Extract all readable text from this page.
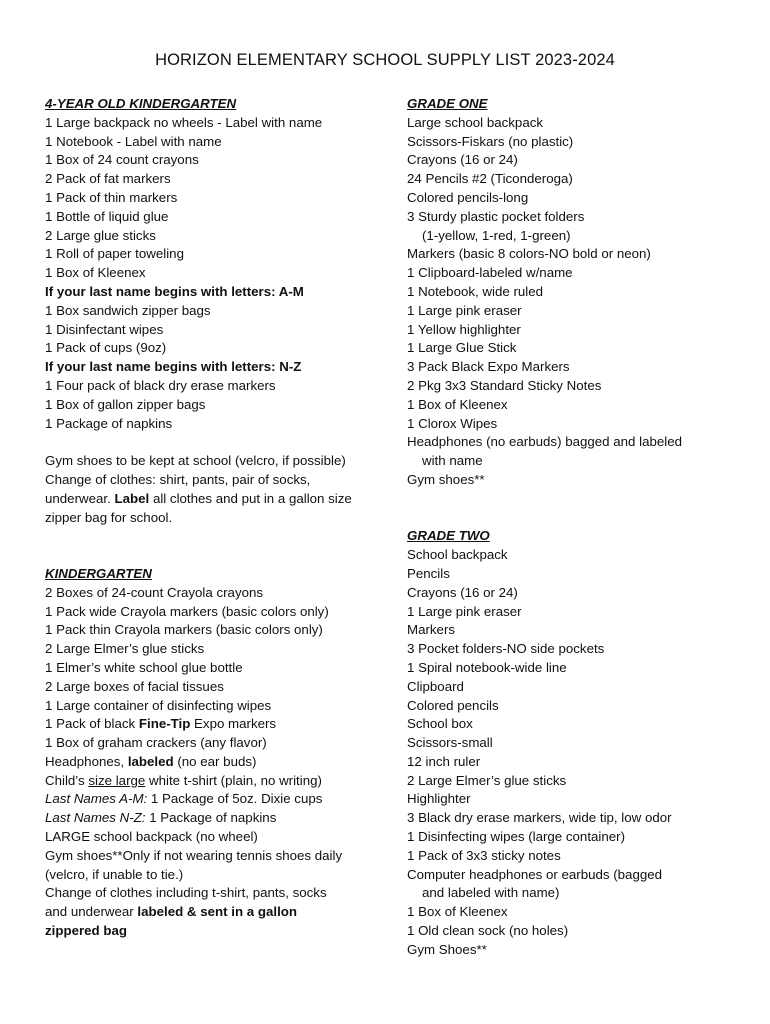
HORIZON ELEMENTARY SCHOOL SUPPLY LIST 2023-2024
4-YEAR OLD KINDERGARTEN
1 Large backpack no wheels - Label with name
1 Notebook - Label with name
1 Box of 24 count crayons
2 Pack of fat markers
1 Pack of thin markers
1 Bottle of liquid glue
2 Large glue sticks
1 Roll of paper toweling
1 Box of Kleenex
If your last name begins with letters: A-M
1 Box sandwich zipper bags
1 Disinfectant wipes
1 Pack of cups (9oz)
If your last name begins with letters: N-Z
1 Four pack of black dry erase markers
1 Box of gallon zipper bags
1 Package of napkins
Gym shoes to be kept at school (velcro, if possible)
Change of clothes: shirt, pants, pair of socks, underwear. Label all clothes and put in a gallon size zipper bag for school.
KINDERGARTEN
2 Boxes of 24-count Crayola crayons
1 Pack wide Crayola markers (basic colors only)
1 Pack thin Crayola markers (basic colors only)
2 Large Elmer’s glue sticks
1 Elmer’s white school glue bottle
2 Large boxes of facial tissues
1 Large container of disinfecting wipes
1 Pack of black Fine-Tip Expo markers
1 Box of graham crackers (any flavor)
Headphones, labeled (no ear buds)
Child’s size large white t-shirt (plain, no writing)
Last Names A-M: 1 Package of 5oz. Dixie cups
Last Names N-Z: 1 Package of napkins
LARGE school backpack (no wheel)
Gym shoes**Only if not wearing tennis shoes daily (velcro, if unable to tie.)
Change of clothes including t-shirt, pants, socks and underwear labeled & sent in a gallon zippered bag
GRADE ONE
Large school backpack
Scissors-Fiskars (no plastic)
Crayons (16 or 24)
24 Pencils #2 (Ticonderoga)
Colored pencils-long
3 Sturdy plastic pocket folders
(1-yellow, 1-red, 1-green)
Markers (basic 8 colors-NO bold or neon)
1 Clipboard-labeled w/name
1 Notebook, wide ruled
1 Large pink eraser
1 Yellow highlighter
1 Large Glue Stick
3 Pack Black Expo Markers
2 Pkg 3x3 Standard Sticky Notes
1 Box of Kleenex
1 Clorox Wipes
Headphones (no earbuds) bagged and labeled
with name
Gym shoes**
GRADE TWO
School backpack
Pencils
Crayons (16 or 24)
1 Large pink eraser
Markers
3 Pocket folders-NO side pockets
1 Spiral notebook-wide line
Clipboard
Colored pencils
School box
Scissors-small
12 inch ruler
2 Large Elmer’s glue sticks
Highlighter
3 Black dry erase markers, wide tip, low odor
1 Disinfecting wipes (large container)
1 Pack of 3x3 sticky notes
Computer headphones or earbuds (bagged
and labeled with name)
1 Box of Kleenex
1 Old clean sock (no holes)
Gym Shoes**
